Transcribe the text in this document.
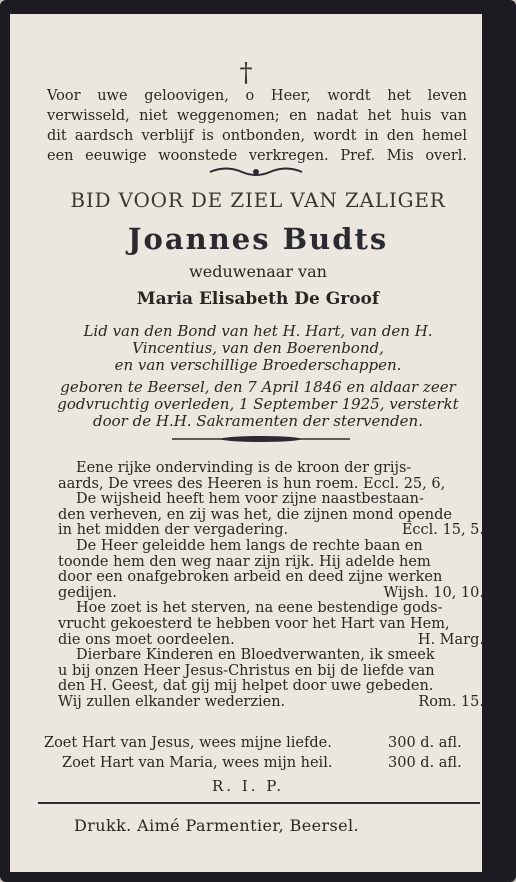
†
Voor uwe geloovigen, o Heer, wordt het leven
verwisseld, niet weggenomen; en nadat het huis van
dit aardsch verblijf is ontbonden, wordt in den hemel
een eeuwige woonstede verkregen. Pref. Mis overl.
BID VOOR DE ZIEL VAN ZALIGER
Joannes Budts
weduwenaar van
Maria Elisabeth De Groof
Lid van den Bond van het H. Hart, van den H.
Vincentius, van den Boerenbond,
en van verschillige Broederschappen.
geboren te Beersel, den 7 April 1846 en aldaar zeer
godvruchtig overleden, 1 September 1925, versterkt
door de H.H. Sakramenten der stervenden.
Eene rijke ondervinding is de kroon der grijs-
aards, De vrees des Heeren is hun roem. Eccl. 25, 6,
De wijsheid heeft hem voor zijne naastbestaan-
den verheven, en zij was het, die zijnen mond opende
in het midden der vergadering.	Eccl. 15, 5.
De Heer geleidde hem langs de rechte baan en
toonde hem den weg naar zijn rijk. Hij adelde hem
door een onafgebroken arbeid en deed zijne werken
gedijen.	Wijsh. 10, 10.
Hoe zoet is het sterven, na eene bestendige gods-
vrucht gekoesterd te hebben voor het Hart van Hem,
die ons moet oordeelen.	H. Marg.
Dierbare Kinderen en Bloedverwanten, ik smeek
u bij onzen Heer Jesus-Christus en bij de liefde van
den H. Geest, dat gij mij helpet door uwe gebeden.
Wij zullen elkander wederzien.	Rom. 15.
Zoet Hart van Jesus, wees mijne liefde.	300 d. afl.
Zoet Hart van Maria, wees mijn heil.	300 d. afl.
R. I. P.
Drukk. Aimé Parmentier, Beersel.
